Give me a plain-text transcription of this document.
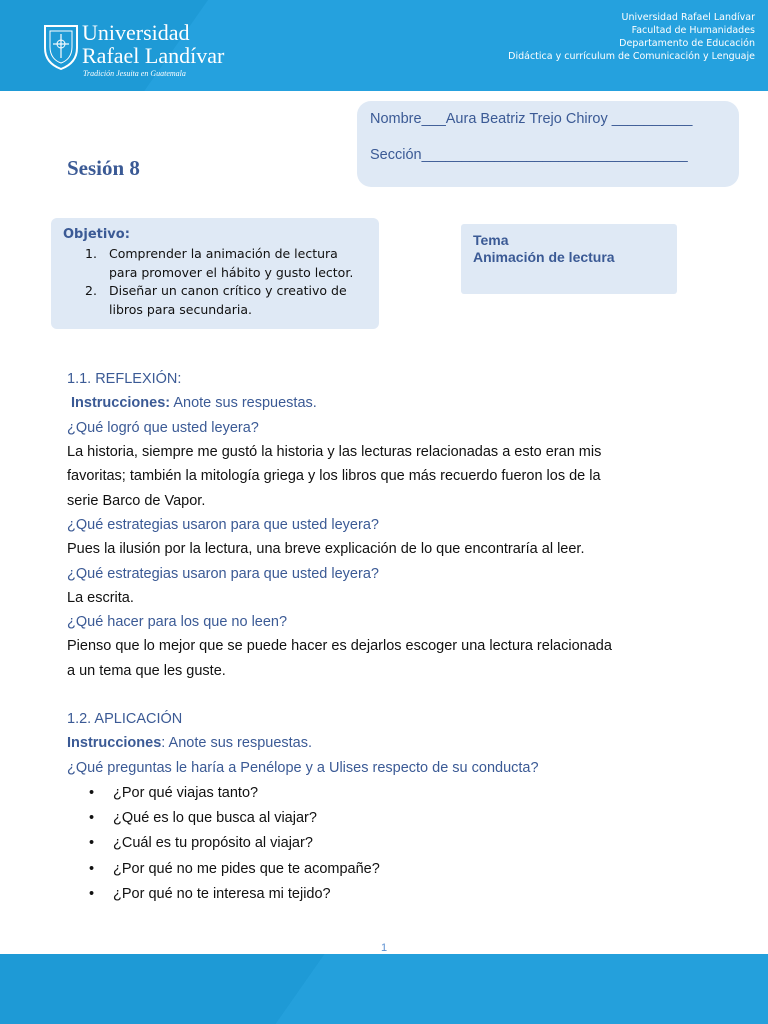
Universidad
Rafael Landívar
Tradición Jesuita en Guatemala
Universidad Rafael Landívar
Facultad de Humanidades
Departamento de Educación
Didáctica y currículum de Comunicación y Lenguaje
Nombre___Aura Beatriz Trejo Chiroy __________
Sección_________________________________
Sesión 8
Objetivo:
1. Comprender la animación de lectura para promover el hábito y gusto lector.
2. Diseñar un canon crítico y creativo de libros para secundaria.
Tema
Animación de lectura
1.1. REFLEXIÓN:
Instrucciones: Anote sus respuestas.
¿Qué logró que usted leyera?
La historia, siempre me gustó la historia y las lecturas relacionadas a esto eran mis
favoritas; también la mitología griega y los libros que más recuerdo fueron los de la
serie Barco de Vapor.
¿Qué estrategias usaron para que usted leyera?
Pues la ilusión por la lectura, una breve explicación de lo que encontraría al leer.
¿Qué estrategias usaron para que usted leyera?
La escrita.
¿Qué hacer para los que no leen?
Pienso que lo mejor que se puede hacer es dejarlos escoger una lectura relacionada
a un tema que les guste.
1.2. APLICACIÓN
Instrucciones: Anote sus respuestas.
¿Qué preguntas le haría a Penélope y a Ulises respecto de su conducta?
• ¿Por qué viajas tanto?
• ¿Qué es lo que busca al viajar?
• ¿Cuál es tu propósito al viajar?
• ¿Por qué no me pides que te acompañe?
• ¿Por qué no te interesa mi tejido?
1
